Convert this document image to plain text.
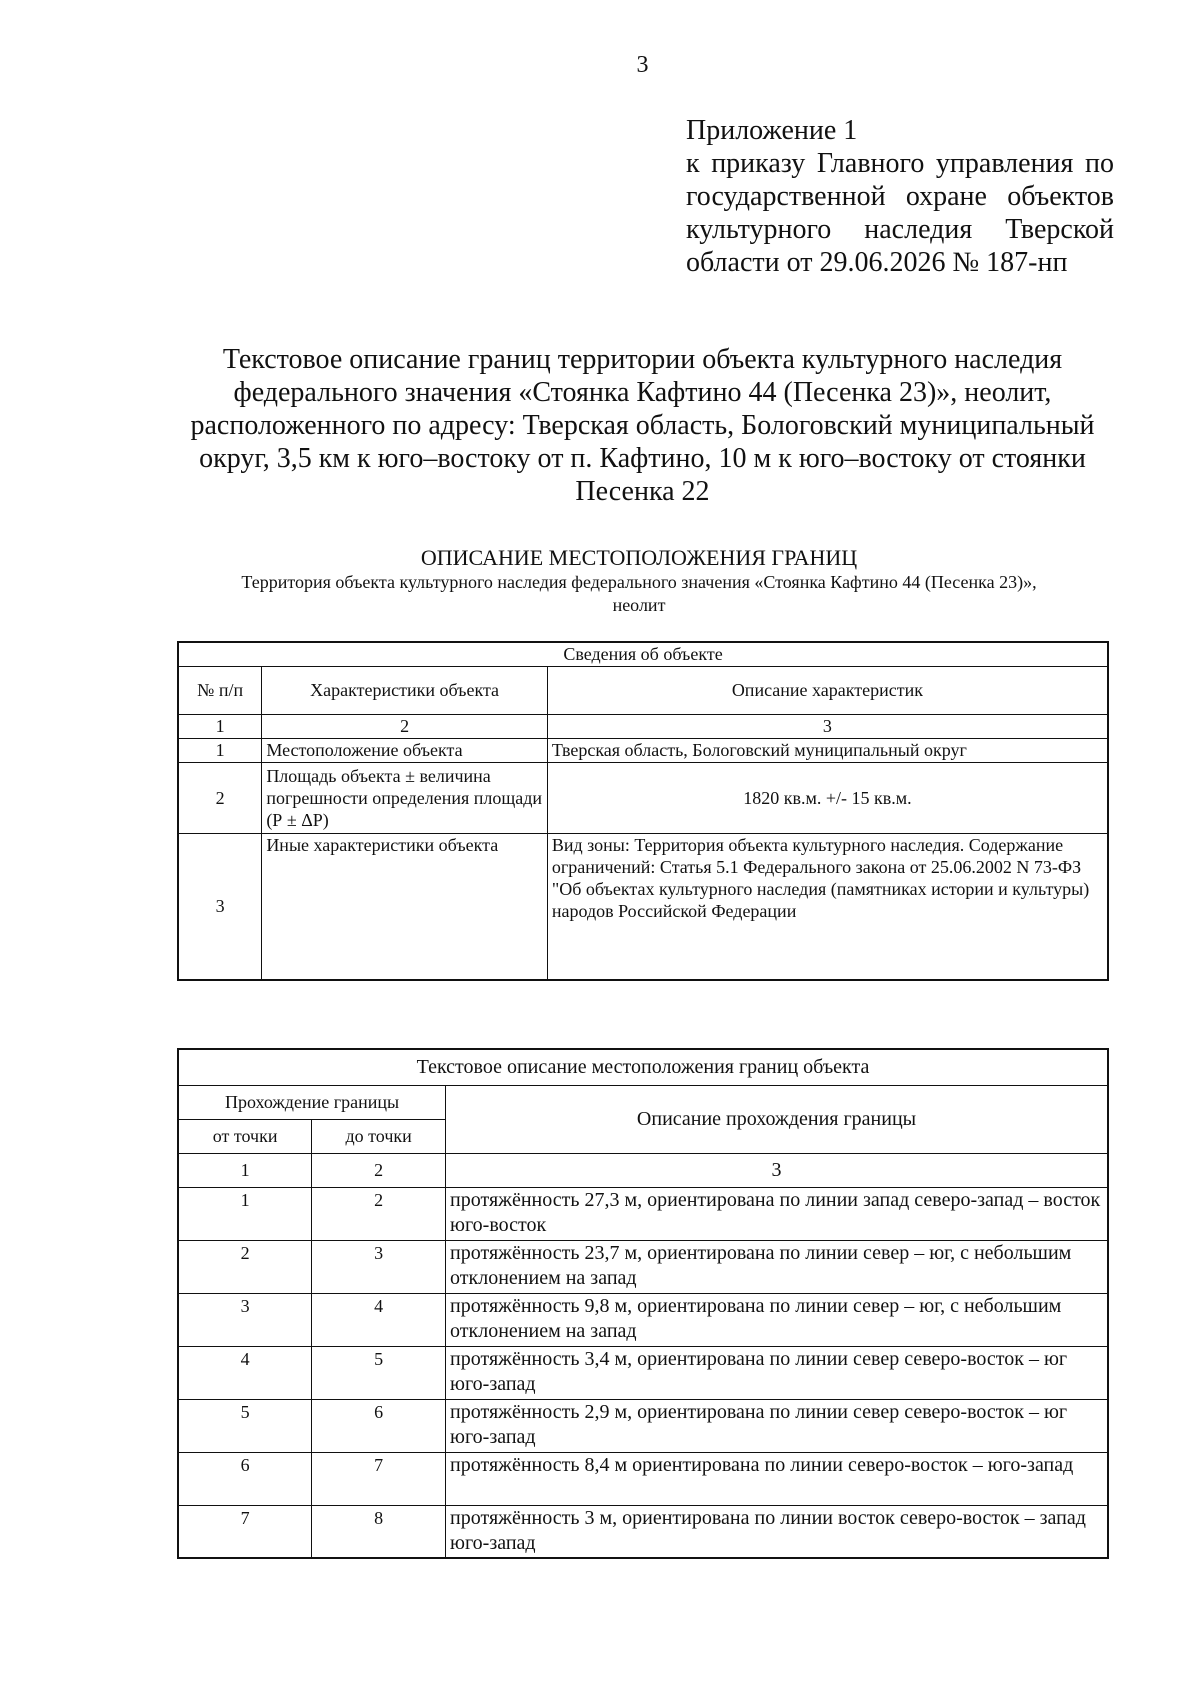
3
Приложение 1
к приказу Главного управления по
государственной охране объектов
культурного наследия Тверской
области от 29.06.2026 № 187-нп
Текстовое описание границ территории объекта культурного наследия
федерального значения «Стоянка Кафтино 44 (Песенка 23)», неолит,
расположенного по адресу: Тверская область, Бологовский муниципальный
округ, 3,5 км к юго–востоку от п. Кафтино, 10 м к юго–востоку от стоянки
Песенка 22
ОПИСАНИЕ МЕСТОПОЛОЖЕНИЯ ГРАНИЦ
Территория объекта культурного наследия федерального значения «Стоянка Кафтино 44 (Песенка 23)»,
неолит
Сведения об объекте		
№ п/п	Характеристики объекта	Описание характеристик
1	2	3
1	Местоположение объекта	Тверская область, Бологовский муниципальный округ
2	Площадь объекта ± величина погрешности определения площади (Р ± ΔР)	1820 кв.м. +/- 15 кв.м.
3	Иные характеристики объекта	Вид зоны: Территория объекта культурного наследия. Содержание ограничений: Статья 5.1 Федерального закона от 25.06.2002 N 73-ФЗ "Об объектах культурного наследия (памятниках истории и культуры) народов Российской Федерации
Текстовое описание местоположения границ объекта		
Прохождение границы		Описание прохождения границы
от точки	до точки	
1	2	3
1	2	протяжённость 27,3 м, ориентирована по линии запад северо-запад – восток юго-восток
2	3	протяжённость 23,7 м, ориентирована по линии север – юг, с небольшим отклонением на запад
3	4	протяжённость 9,8 м, ориентирована по линии север – юг, с небольшим отклонением на запад
4	5	протяжённость 3,4 м, ориентирована по линии север северо-восток – юг юго-запад
5	6	протяжённость 2,9 м, ориентирована по линии север северо-восток – юг юго-запад
6	7	протяжённость 8,4 м ориентирована по линии северо-восток – юго-запад
7	8	протяжённость 3 м, ориентирована по линии восток северо-восток – запад юго-запад
